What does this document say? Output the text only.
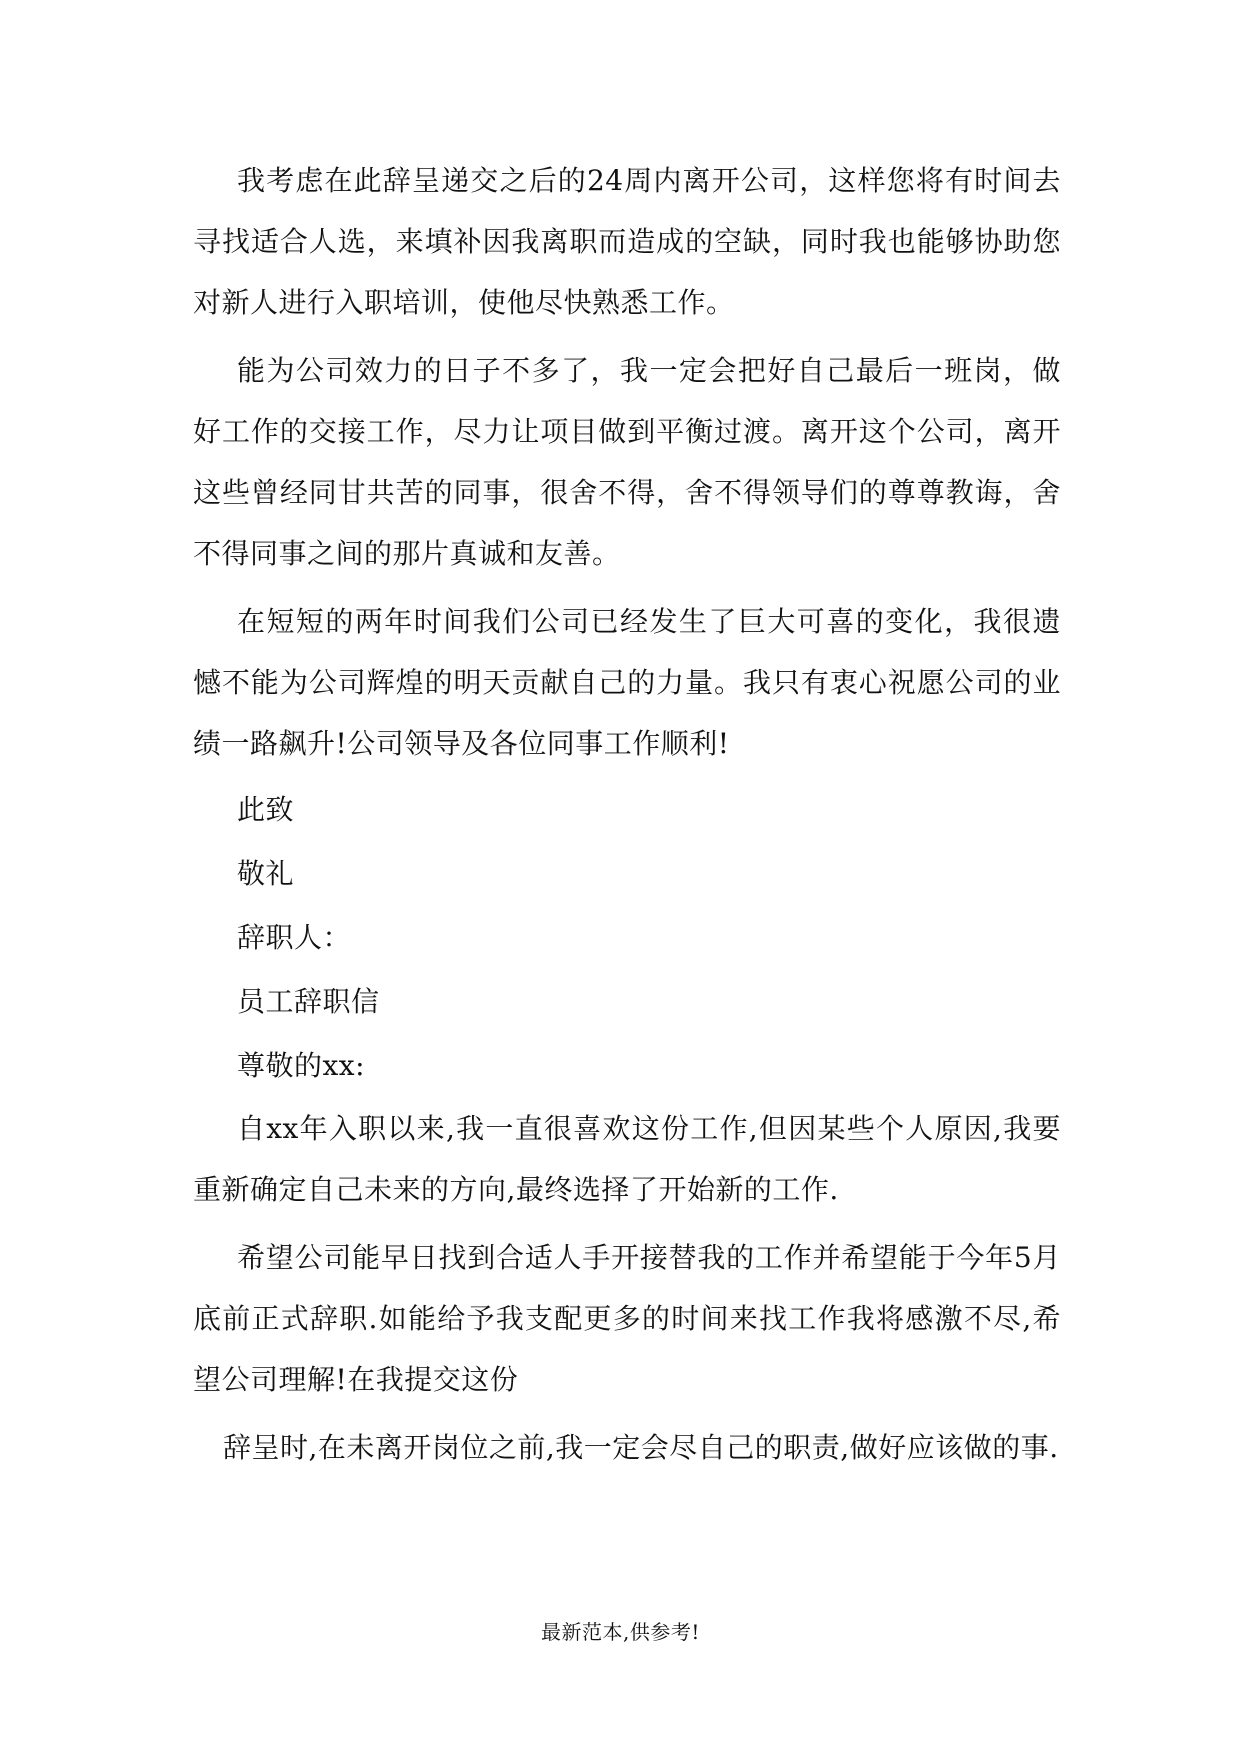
我考虑在此辞呈递交之后的24周内离开公司，这样您将有时间去寻找适合人选，来填补因我离职而造成的空缺，同时我也能够协助您对新人进行入职培训，使他尽快熟悉工作。

能为公司效力的日子不多了，我一定会把好自己最后一班岗，做好工作的交接工作，尽力让项目做到平衡过渡。离开这个公司，离开这些曾经同甘共苦的同事，很舍不得，舍不得领导们的尊尊教诲，舍不得同事之间的那片真诚和友善。

在短短的两年时间我们公司已经发生了巨大可喜的变化，我很遗憾不能为公司辉煌的明天贡献自己的力量。我只有衷心祝愿公司的业绩一路飙升!公司领导及各位同事工作顺利!

此致

敬礼

辞职人：

员工辞职信

尊敬的xx:

自xx年入职以来,我一直很喜欢这份工作,但因某些个人原因,我要重新确定自己未来的方向,最终选择了开始新的工作.

希望公司能早日找到合适人手开接替我的工作并希望能于今年5月底前正式辞职.如能给予我支配更多的时间来找工作我将感激不尽,希望公司理解!在我提交这份

辞呈时,在未离开岗位之前,我一定会尽自己的职责,做好应该做的事.

最新范本,供参考!
